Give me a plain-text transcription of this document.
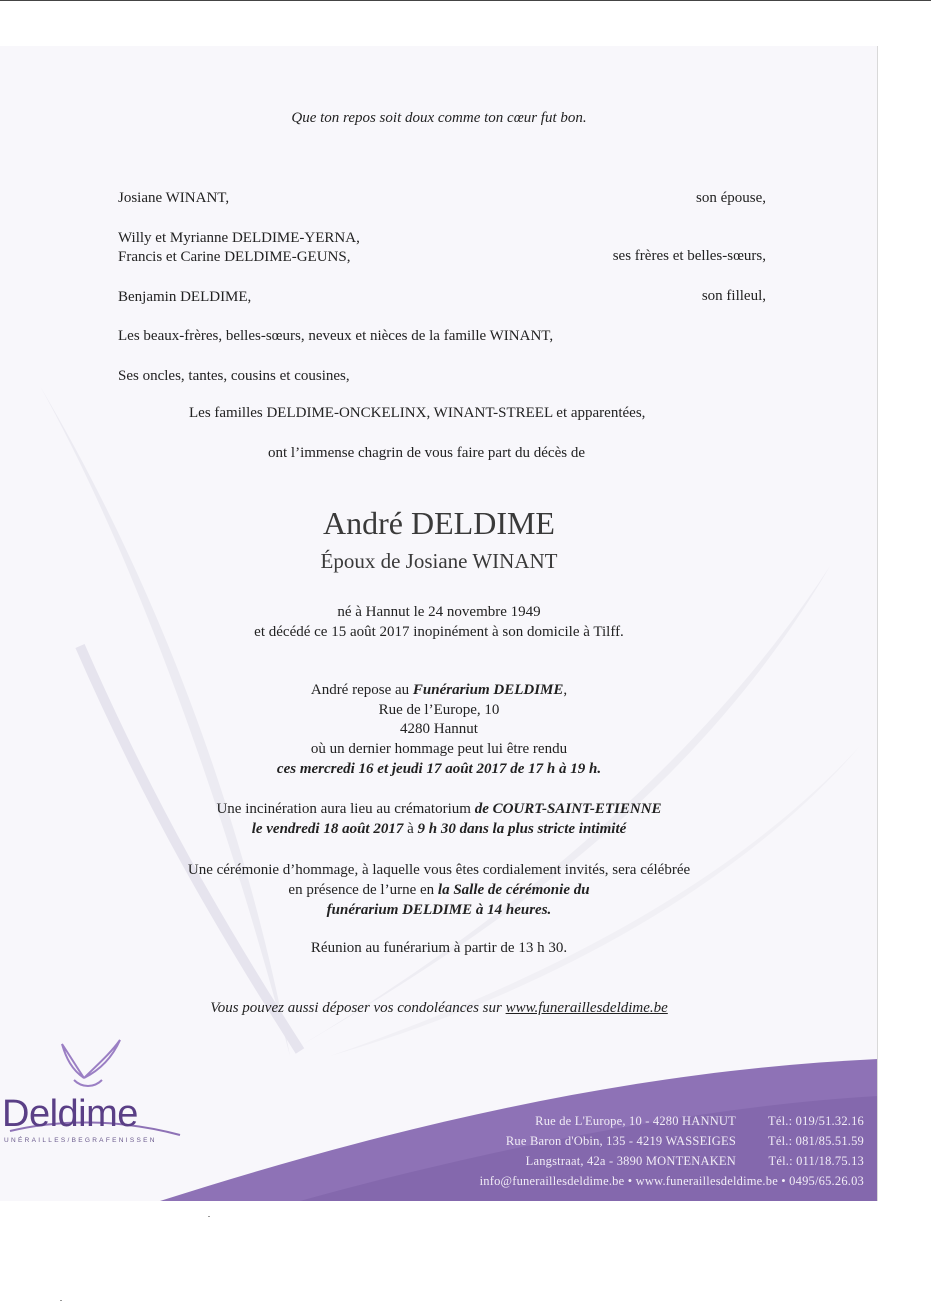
Que ton repos soit doux comme ton cœur fut bon.
Josiane WINANT,	son épouse,
Willy et Myrianne DELDIME-YERNA,
Francis et Carine DELDIME-GEUNS,	ses frères et belles-sœurs,
Benjamin DELDIME,	son filleul,
Les beaux-frères, belles-sœurs, neveux et nièces de la famille WINANT,
Ses oncles, tantes, cousins et cousines,
Les familles DELDIME-ONCKELINX, WINANT-STREEL et apparentées,
ont l’immense chagrin de vous faire part du décès de
André DELDIME
Époux de Josiane WINANT
né à Hannut le 24 novembre 1949
et décédé ce 15 août 2017 inopinément à son domicile à Tilff.
André repose au Funérarium DELDIME,
Rue de l’Europe, 10
4280 Hannut
où un dernier hommage peut lui être rendu
ces mercredi 16 et jeudi 17 août 2017 de 17 h à 19 h.
Une incinération aura lieu au crématorium de COURT-SAINT-ETIENNE
le vendredi 18 août 2017 à 9 h 30 dans la plus stricte intimité
Une cérémonie d’hommage, à laquelle vous êtes cordialement invités, sera célébrée
en présence de l’urne en la Salle de cérémonie du
funérarium DELDIME à 14 heures.
Réunion au funérarium à partir de 13 h 30.
Vous pouvez aussi déposer vos condoléances sur www.funeraillesdeldime.be
Deldime
UNÉRAILLES/BEGRAFENISSEN
Rue de L'Europe, 10 - 4280 HANNUT	Tél.: 019/51.32.16
Rue Baron d'Obin, 135 - 4219 WASSEIGES	Tél.: 081/85.51.59
Langstraat, 42a - 3890 MONTENAKEN	Tél.: 011/18.75.13
info@funeraillesdeldime.be • www.funeraillesdeldime.be • 0495/65.26.03
